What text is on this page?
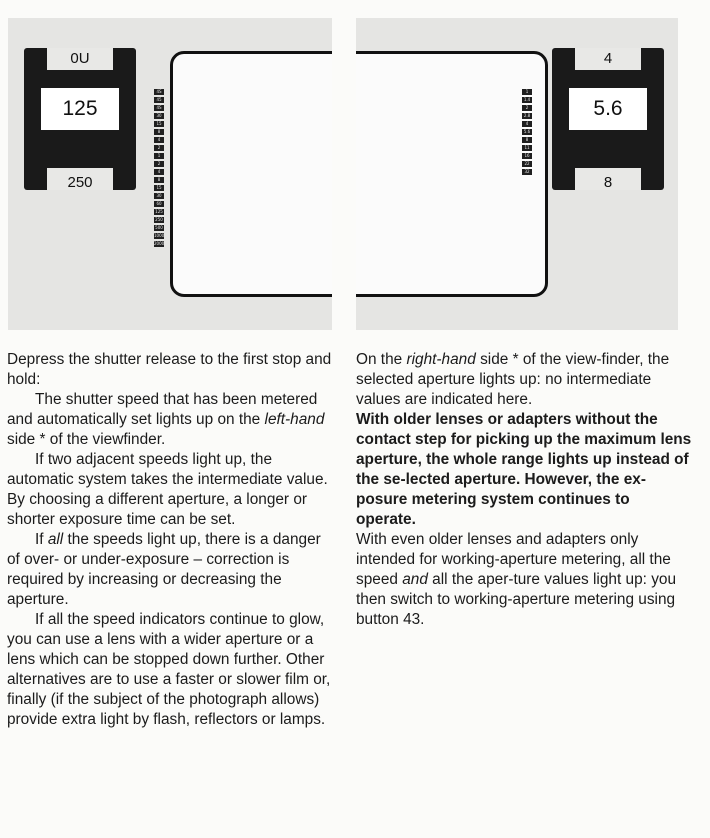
0U
125
250
4S
45
4S
30
15
8
4
2
1
2
4
8
15
30
60
125
250
500
1000
2000
1
1.4
2
2.8
4
5.6
8
11
16
22
32
4
5.6
8

Depress the shutter release to the first stop and hold:

The shutter speed that has been metered and automatically set lights up on the left-hand side * of the viewfinder.

If two adjacent speeds light up, the automatic system takes the intermediate value. By choosing a different aperture, a longer or shorter exposure time can be set.

If all the speeds light up, there is a danger of over- or under-exposure – correction is required by increasing or decreasing the aperture.

If all the speed indicators continue to glow, you can use a lens with a wider aperture or a lens which can be stopped down further. Other alternatives are to use a faster or slower film or, finally (if the subject of the photograph allows) provide extra light by flash, reflectors or lamps.

On the right-hand side * of the view-finder, the selected aperture lights up: no intermediate values are indicated here.

With older lenses or adapters without the contact step for picking up the maximum lens aperture, the whole range lights up instead of the se-lected aperture. However, the ex-posure metering system continues to operate.

With even older lenses and adapters only intended for working-aperture metering, all the speed and all the aper-ture values light up: you then switch to working-aperture metering using button 43.
